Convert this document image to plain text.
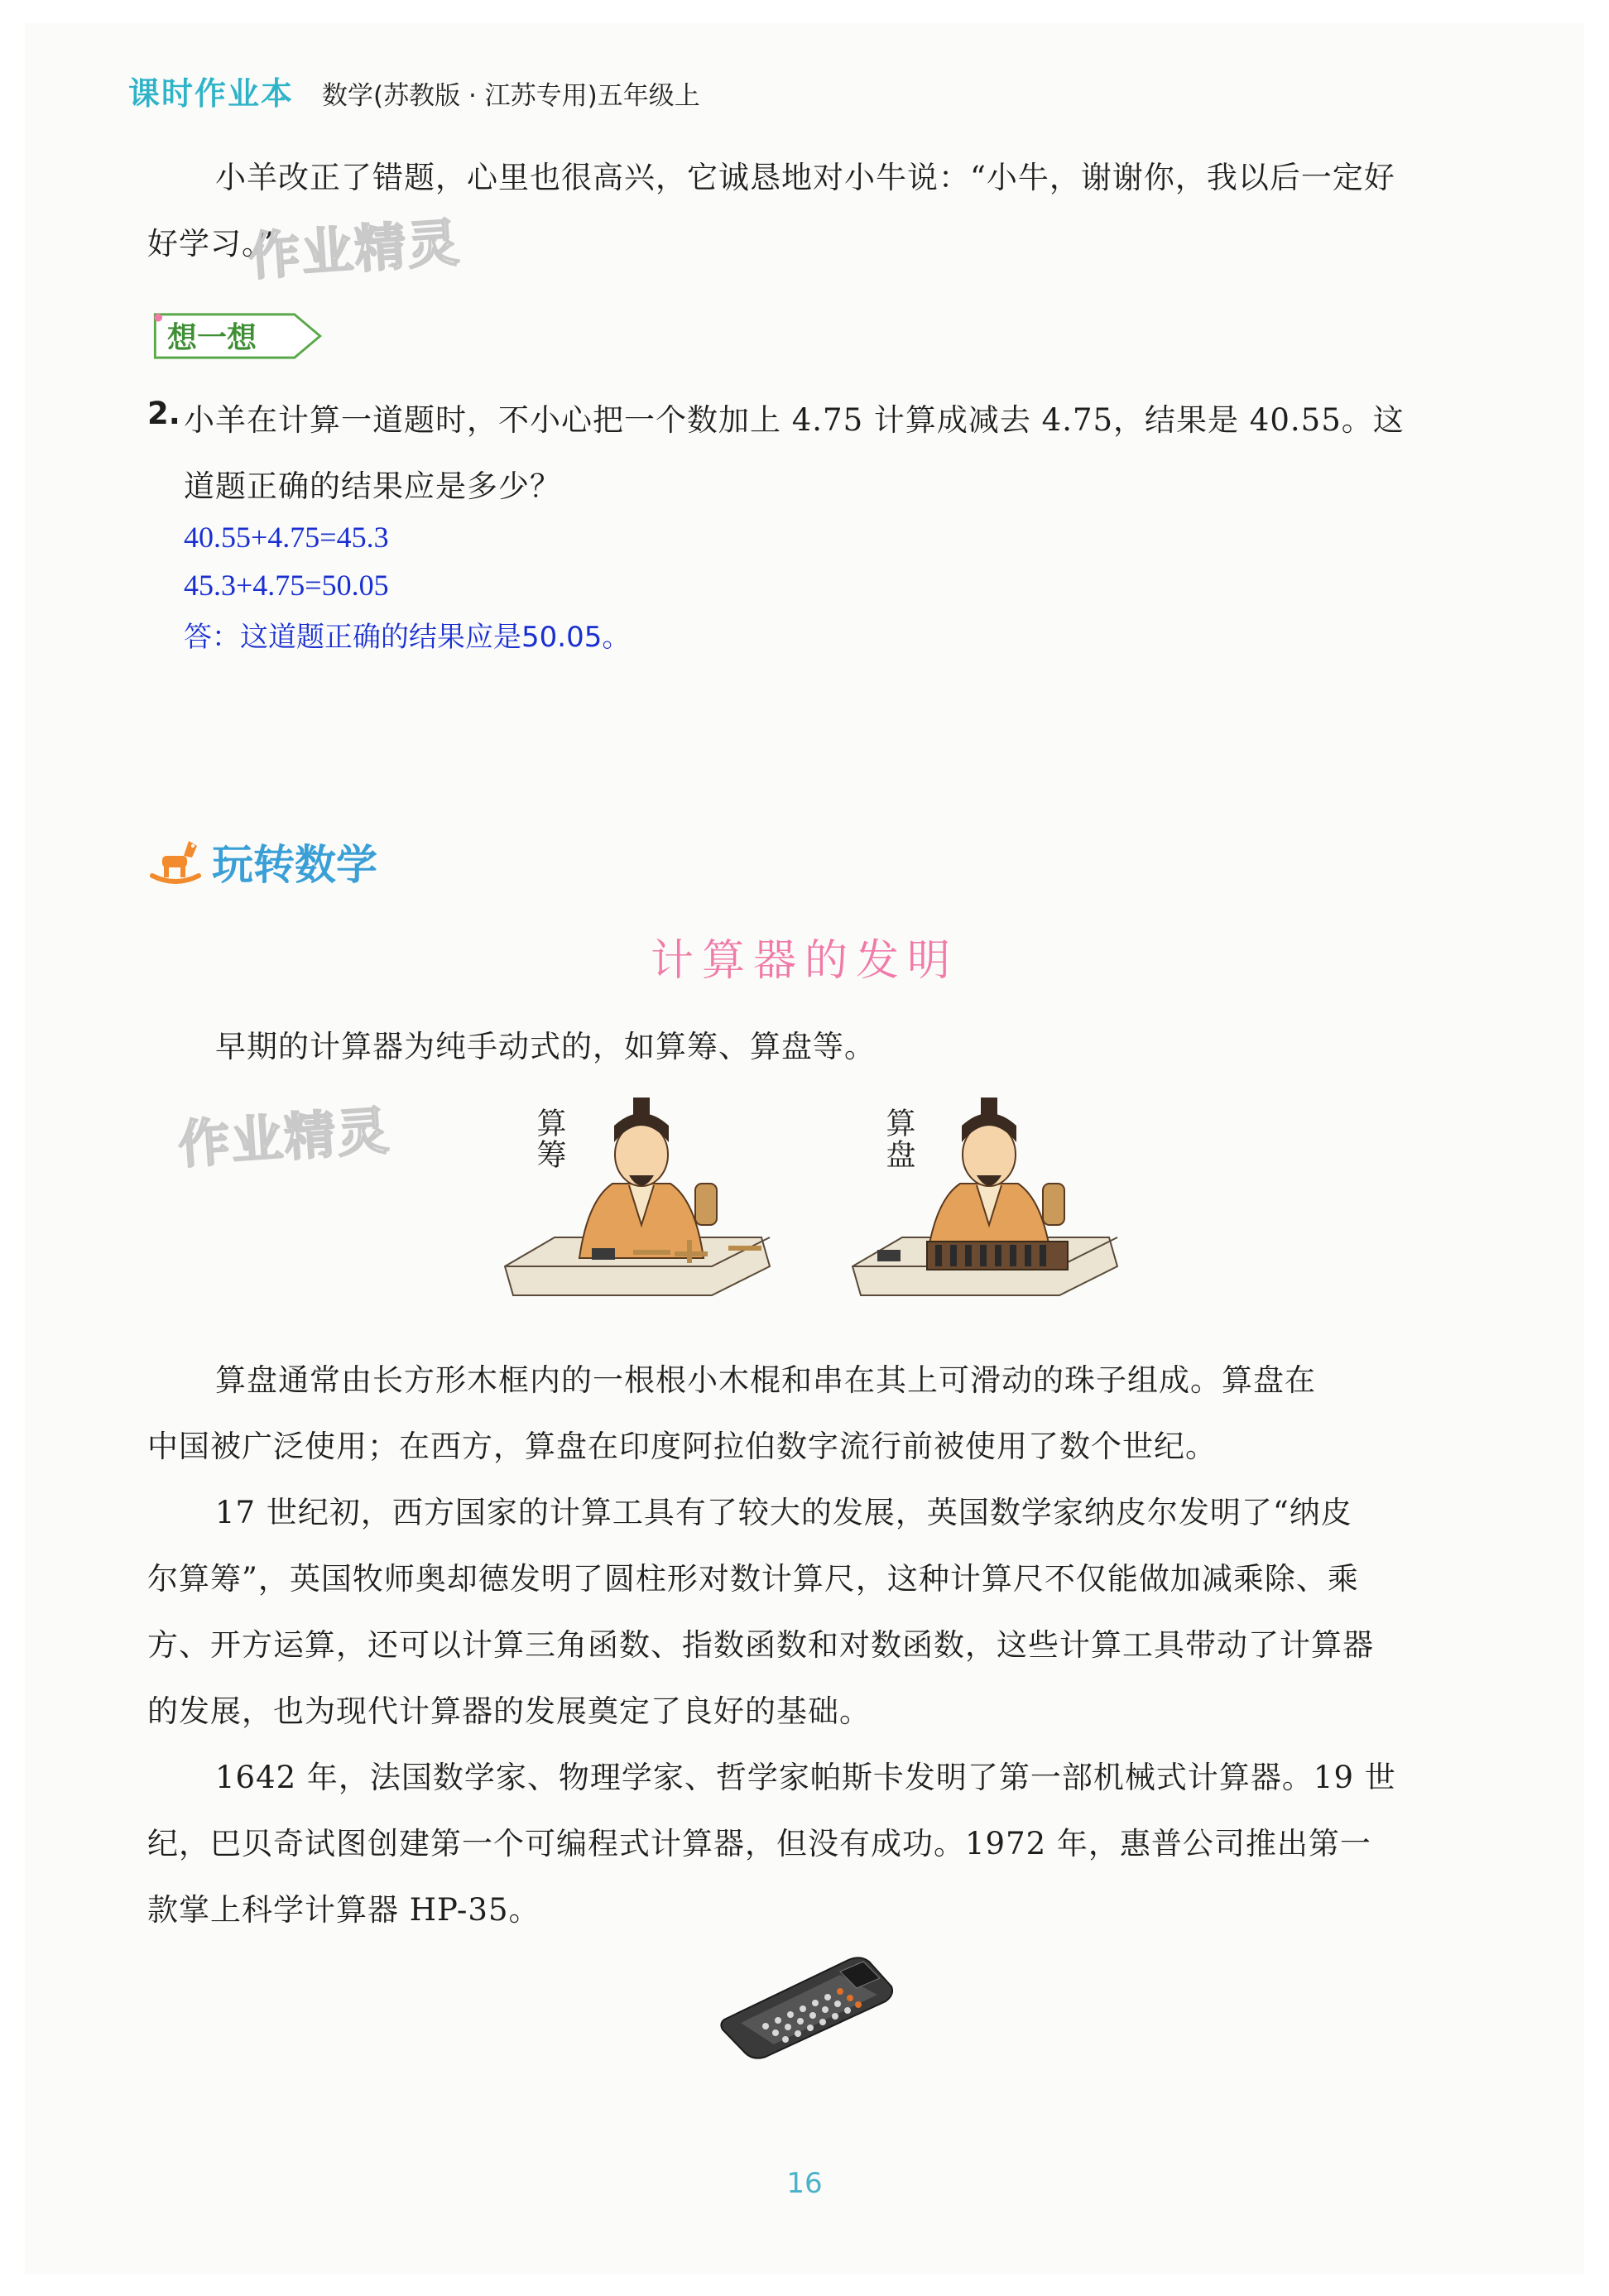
课时作业本 数学(苏教版 · 江苏专用)五年级上
小羊改正了错题，心里也很高兴，它诚恳地对小牛说：“小牛，谢谢你，我以后一定好
好学习。”
作业精灵
想一想
2. 小羊在计算一道题时，不小心把一个数加上 4.75 计算成减去 4.75，结果是 40.55。这
道题正确的结果应是多少？
40.55+4.75=45.3
45.3+4.75=50.05
答：这道题正确的结果应是50.05。
玩转数学
计算器的发明
早期的计算器为纯手动式的，如算筹、算盘等。
作业精灵	算筹	算盘
算盘通常由长方形木框内的一根根小木棍和串在其上可滑动的珠子组成。算盘在
中国被广泛使用；在西方，算盘在印度阿拉伯数字流行前被使用了数个世纪。
17 世纪初，西方国家的计算工具有了较大的发展，英国数学家纳皮尔发明了“纳皮
尔算筹”，英国牧师奥却德发明了圆柱形对数计算尺，这种计算尺不仅能做加减乘除、乘
方、开方运算，还可以计算三角函数、指数函数和对数函数，这些计算工具带动了计算器
的发展，也为现代计算器的发展奠定了良好的基础。
1642 年，法国数学家、物理学家、哲学家帕斯卡发明了第一部机械式计算器。19 世
纪，巴贝奇试图创建第一个可编程式计算器，但没有成功。1972 年，惠普公司推出第一
款掌上科学计算器 HP-35。
16
